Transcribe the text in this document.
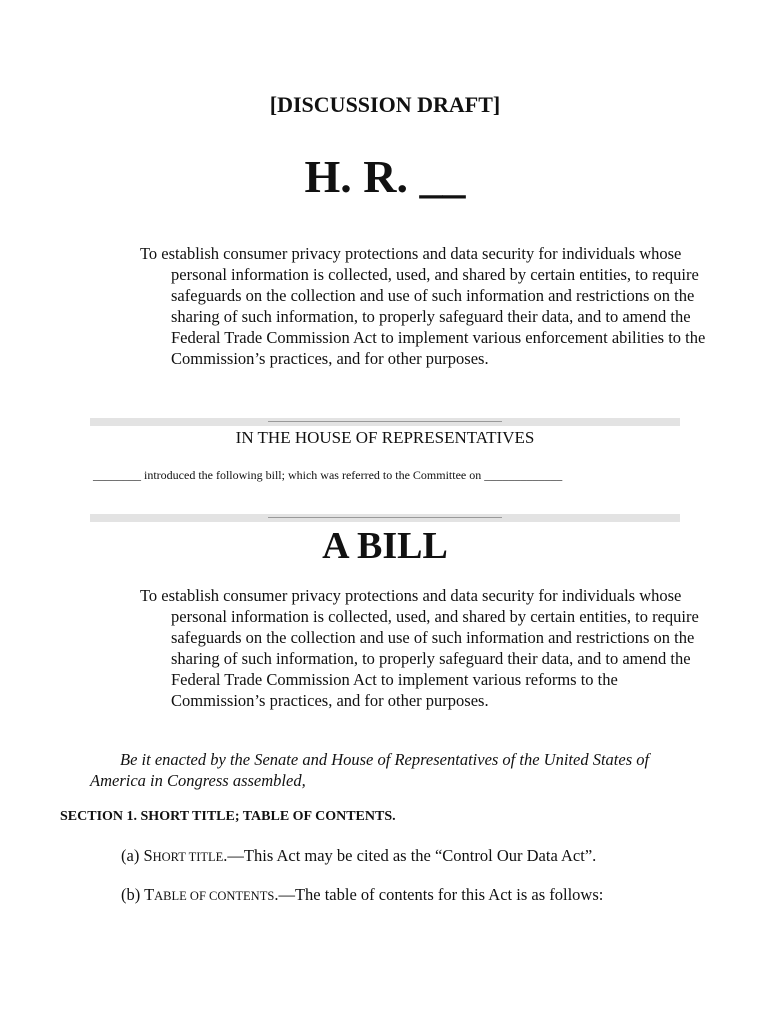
[DISCUSSION DRAFT]
H. R. __
To establish consumer privacy protections and data security for individuals whose personal information is collected, used, and shared by certain entities, to require safeguards on the collection and use of such information and restrictions on the sharing of such information, to properly safeguard their data, and to amend the Federal Trade Commission Act to implement various enforcement abilities to the Commission’s practices, and for other purposes.
IN THE HOUSE OF REPRESENTATIVES
________ introduced the following bill; which was referred to the Committee on _____________
A BILL
To establish consumer privacy protections and data security for individuals whose personal information is collected, used, and shared by certain entities, to require safeguards on the collection and use of such information and restrictions on the sharing of such information, to properly safeguard their data, and to amend the Federal Trade Commission Act to implement various reforms to the Commission’s practices, and for other purposes.
Be it enacted by the Senate and House of Representatives of the United States of America in Congress assembled,
SECTION 1. SHORT TITLE; TABLE OF CONTENTS.
(a) SHORT TITLE.—This Act may be cited as the “Control Our Data Act”.
(b) TABLE OF CONTENTS.—The table of contents for this Act is as follows:
